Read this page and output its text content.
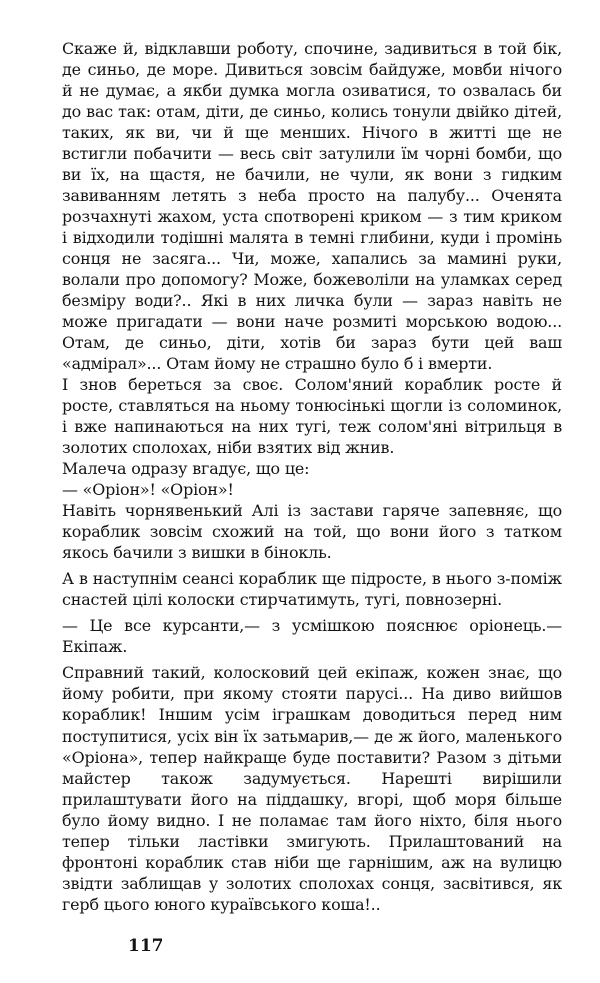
Скаже й, відклавши роботу, спочине, задивиться в той бік, де синьо, де море. Дивиться зовсім байдуже, мовби нічого й не думає, а якби думка могла озиватися, то озвалась би до вас так: отам, діти, де синьо, колись тонули двійко дітей, таких, як ви, чи й ще менших. Нічого в житті ще не встигли побачити — весь світ затулили їм чорні бомби, що ви їх, на щастя, не бачили, не чули, як вони з гидким завиванням летять з неба просто на палубу... Оченята розчахнуті жахом, уста спотворені криком — з тим криком і відходили тодішні малята в темні глибини, куди і промінь сонця не засяга... Чи, може, хапались за мамині руки, волали про допомогу? Може, божеволіли на уламках серед безміру води?.. Які в них личка були — зараз навіть не може пригадати — вони наче розмиті морською водою... Отам, де синьо, діти, хотів би зараз бути цей ваш «адмірал»... Отам йому не страшно було б і вмерти.

І знов береться за своє. Солом'яний кораблик росте й росте, ставляться на ньому тонюсінькі щогли із соломинок, і вже напинаються на них тугі, теж солом'яні вітрильця в золотих сполохах, ніби взятих від жнив.

Малеча одразу вгадує, що це:

— «Оріон»! «Оріон»!

Навіть чорнявенький Алі із застави гаряче запевняє, що кораблик зовсім схожий на той, що вони його з татком якось бачили з вишки в бінокль.

А в наступнім сеансі кораблик ще підросте, в нього з-поміж снастей цілі колоски стирчатимуть, тугі, повнозерні.

— Це все курсанти,— з усмішкою пояснює оріонець.— Екіпаж.

Справний такий, колосковий цей екіпаж, кожен знає, що йому робити, при якому стояти парусі... На диво вийшов кораблик! Іншим усім іграшкам доводиться перед ним поступитися, усіх він їх затьмарив,— де ж його, маленького «Оріона», тепер найкраще буде поставити? Разом з дітьми майстер також задумується. Нарешті вирішили прилаштувати його на піддашку, вгорі, щоб моря більше було йому видно. І не поламає там його ніхто, біля нього тепер тільки ластівки змигують. Прилаштований на фронтоні кораблик став ніби ще гарнішим, аж на вулицю звідти заблищав у золотих сполохах сонця, засвітився, як герб цього юного кураївського коша!..

117
